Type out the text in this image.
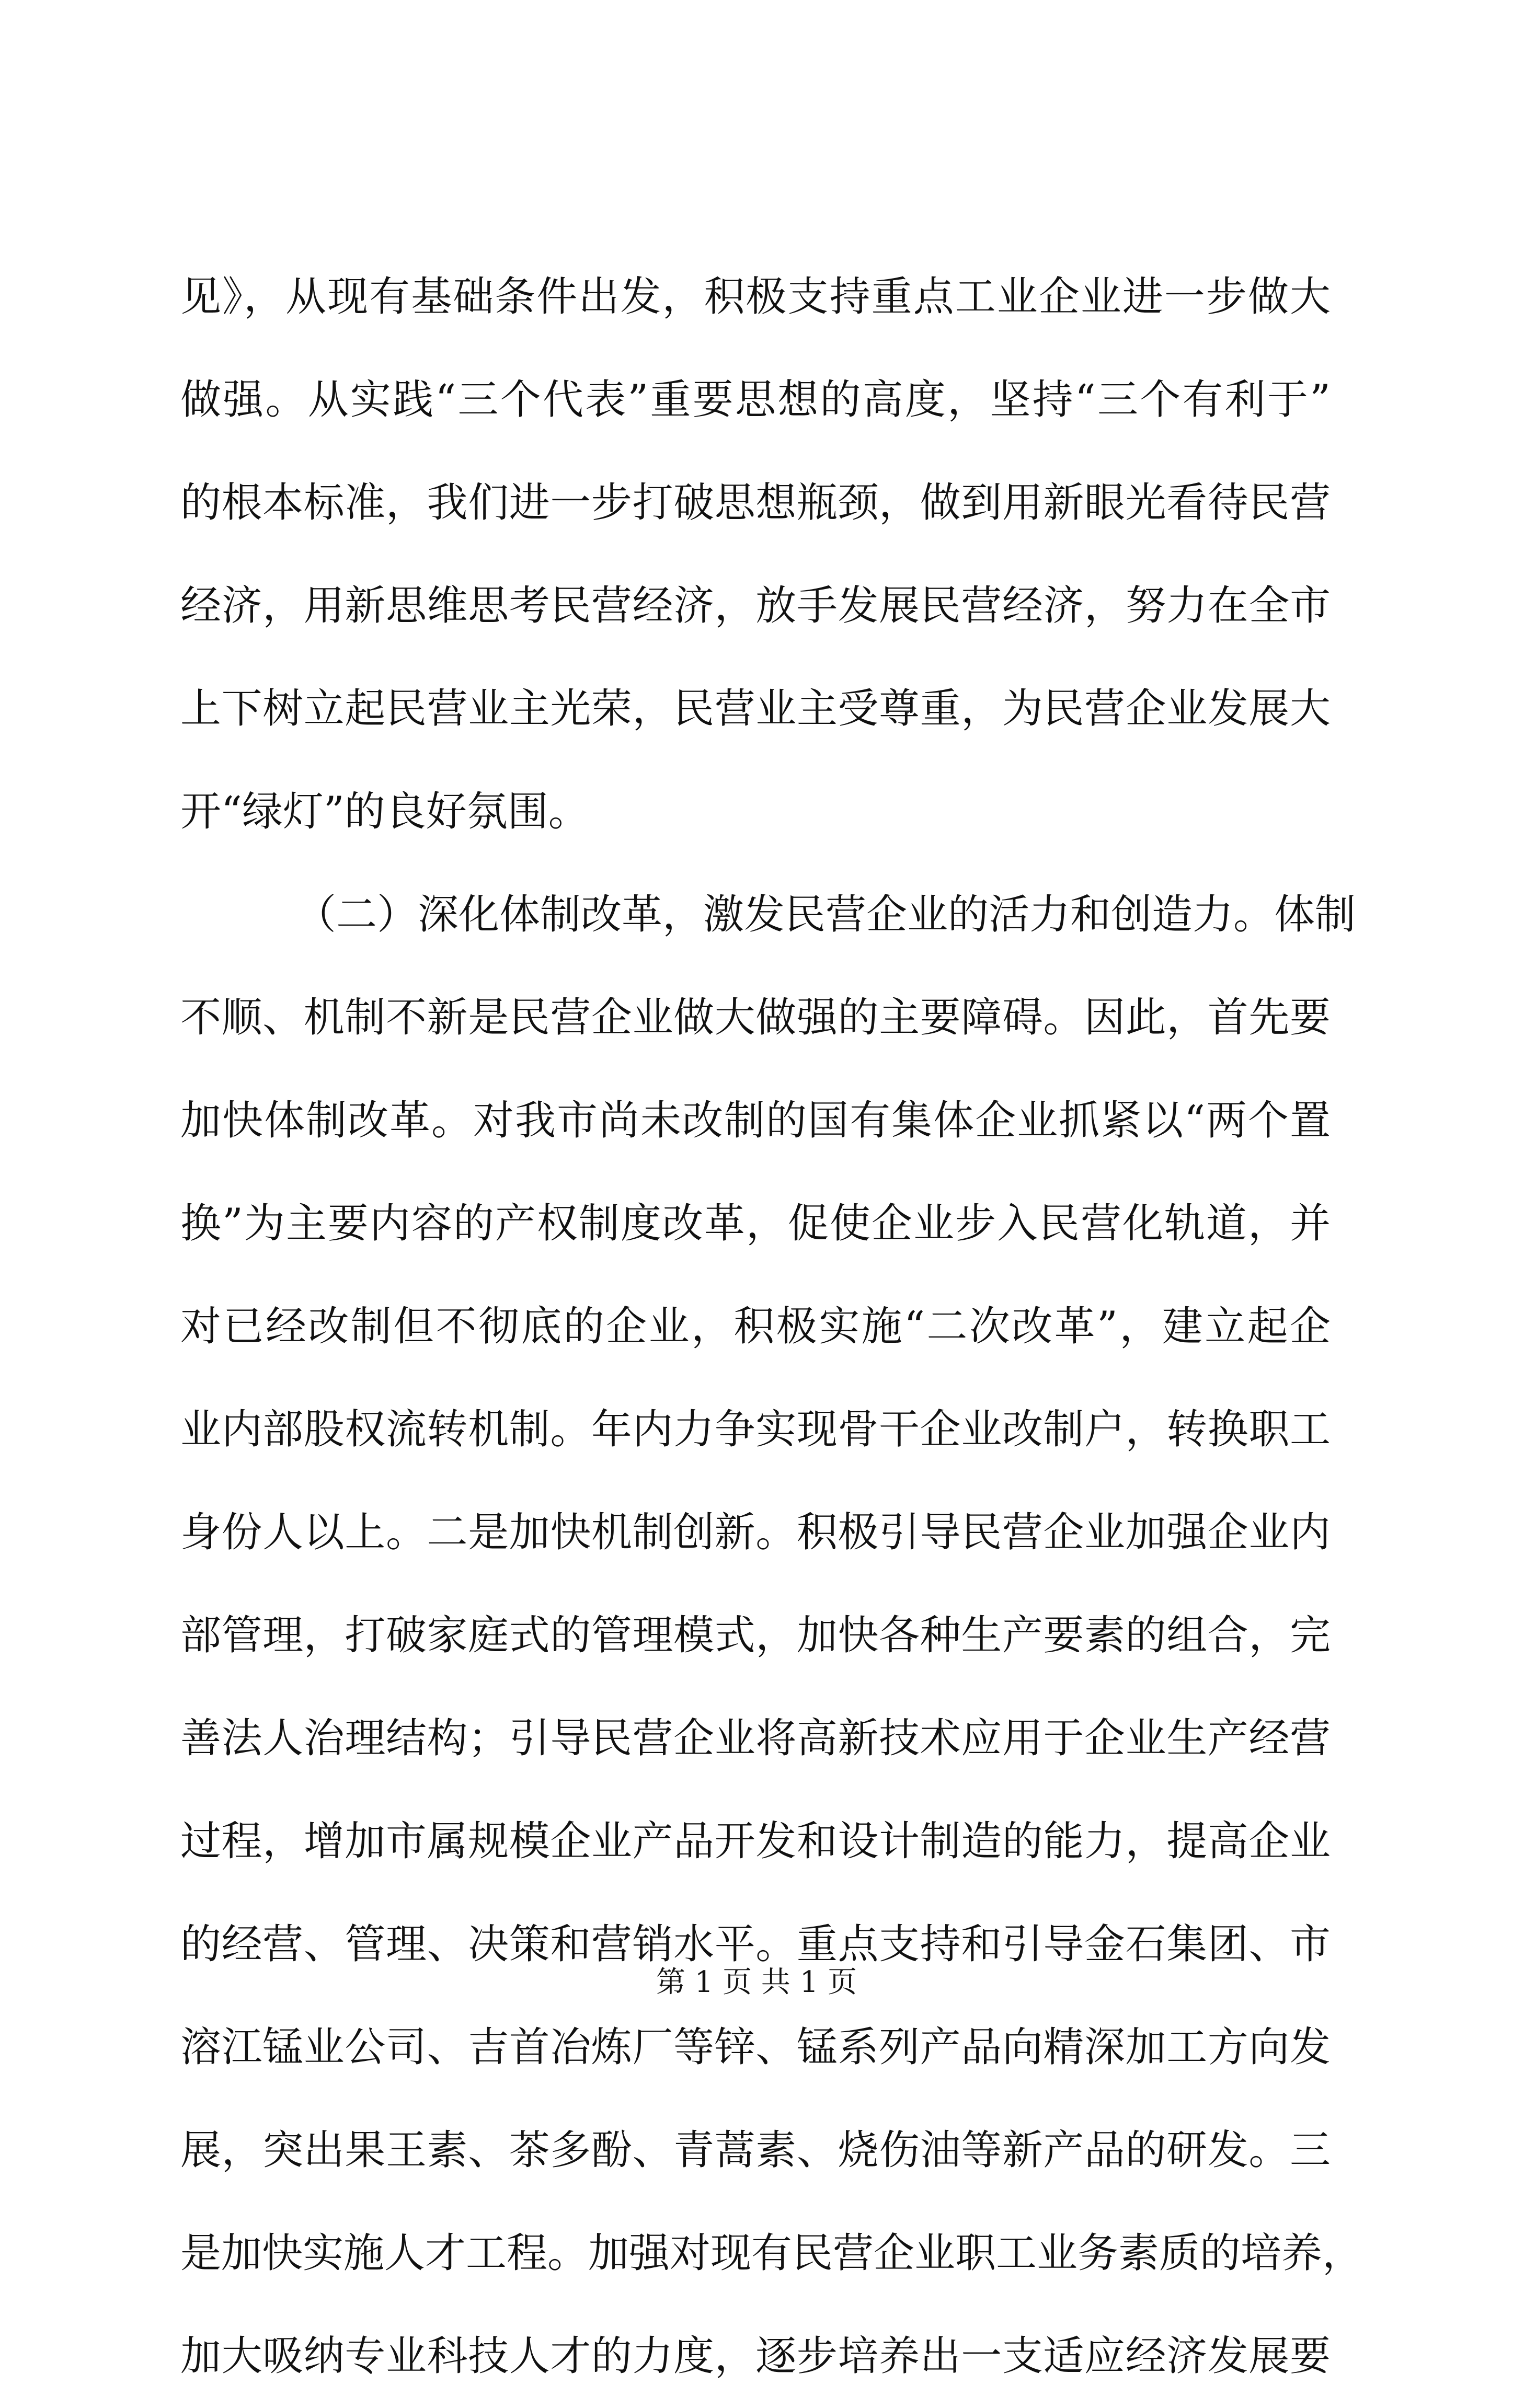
见》，从现有基础条件出发，积极支持重点工业企业进一步做大
做强。从实践“三个代表”重要思想的高度，坚持“三个有利于”
的根本标准，我们进一步打破思想瓶颈，做到用新眼光看待民营
经济，用新思维思考民营经济，放手发展民营经济，努力在全市
上下树立起民营业主光荣，民营业主受尊重，为民营企业发展大
开“绿灯”的良好氛围。
（二）深化体制改革，激发民营企业的活力和创造力。体制
不顺、机制不新是民营企业做大做强的主要障碍。因此，首先要
加快体制改革。对我市尚未改制的国有集体企业抓紧以“两个置
换”为主要内容的产权制度改革，促使企业步入民营化轨道，并
对已经改制但不彻底的企业，积极实施“二次改革”，建立起企
业内部股权流转机制。年内力争实现骨干企业改制户，转换职工
身份人以上。二是加快机制创新。积极引导民营企业加强企业内
部管理，打破家庭式的管理模式，加快各种生产要素的组合，完
善法人治理结构；引导民营企业将高新技术应用于企业生产经营
过程，增加市属规模企业产品开发和设计制造的能力，提高企业
的经营、管理、决策和营销水平。重点支持和引导金石集团、市
溶江锰业公司、吉首冶炼厂等锌、锰系列产品向精深加工方向发
展，突出果王素、茶多酚、青蒿素、烧伤油等新产品的研发。三
是加快实施人才工程。加强对现有民营企业职工业务素质的培养，
加大吸纳专业科技人才的力度，逐步培养出一支适应经济发展要
第 1 页 共 1 页
